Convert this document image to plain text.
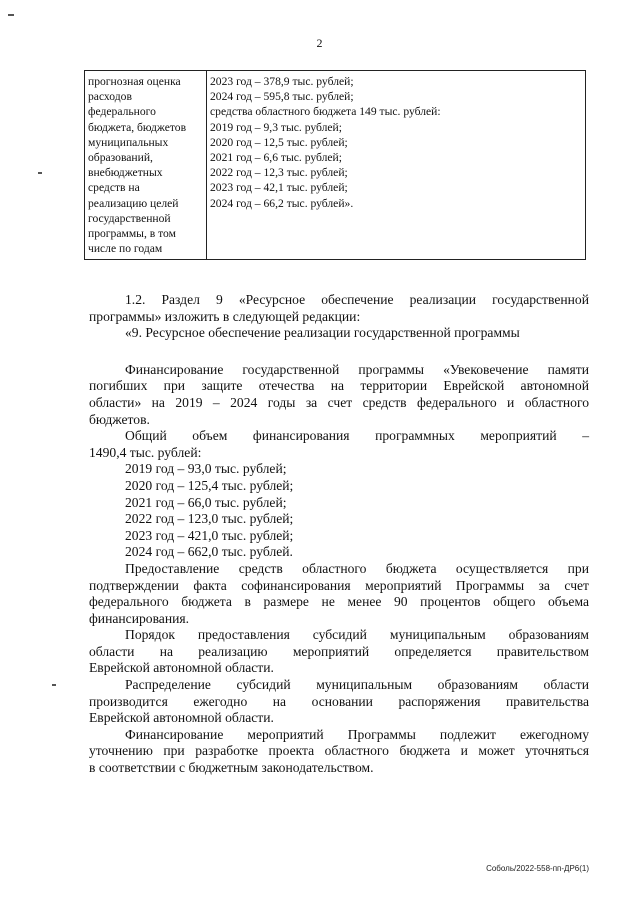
2
прогнозная оценка
расходов
федерального
бюджета, бюджетов
муниципальных
образований,
внебюджетных
средств на
реализацию целей
государственной
программы, в том
числе по годам
2023 год – 378,9 тыс. рублей;
2024 год – 595,8 тыс. рублей;
средства областного бюджета 149 тыс. рублей:
2019 год – 9,3 тыс. рублей;
2020 год – 12,5 тыс. рублей;
2021 год – 6,6 тыс. рублей;
2022 год – 12,3 тыс. рублей;
2023 год – 42,1 тыс. рублей;
2024 год – 66,2 тыс. рублей».
1.2. Раздел 9 «Ресурсное обеспечение реализации государственной
программы» изложить в следующей редакции:
«9. Ресурсное обеспечение реализации государственной программы
Финансирование государственной программы «Увековечение памяти
погибших при защите отечества на территории Еврейской автономной
области» на 2019 – 2024 годы за счет средств федерального и областного
бюджетов.
Общий объем финансирования программных мероприятий –
1490,4 тыс. рублей:
2019 год – 93,0 тыс. рублей;
2020 год – 125,4 тыс. рублей;
2021 год – 66,0 тыс. рублей;
2022 год – 123,0 тыс. рублей;
2023 год – 421,0 тыс. рублей;
2024 год – 662,0 тыс. рублей.
Предоставление средств областного бюджета осуществляется при
подтверждении факта софинансирования мероприятий Программы за счет
федерального бюджета в размере не менее 90 процентов общего объема
финансирования.
Порядок предоставления субсидий муниципальным образованиям
области на реализацию мероприятий определяется правительством
Еврейской автономной области.
Распределение субсидий муниципальным образованиям области
производится ежегодно на основании распоряжения правительства
Еврейской автономной области.
Финансирование мероприятий Программы подлежит ежегодному
уточнению при разработке проекта областного бюджета и может уточняться
в соответствии с бюджетным законодательством.
Соболь/2022-558-пп-ДР6(1)
